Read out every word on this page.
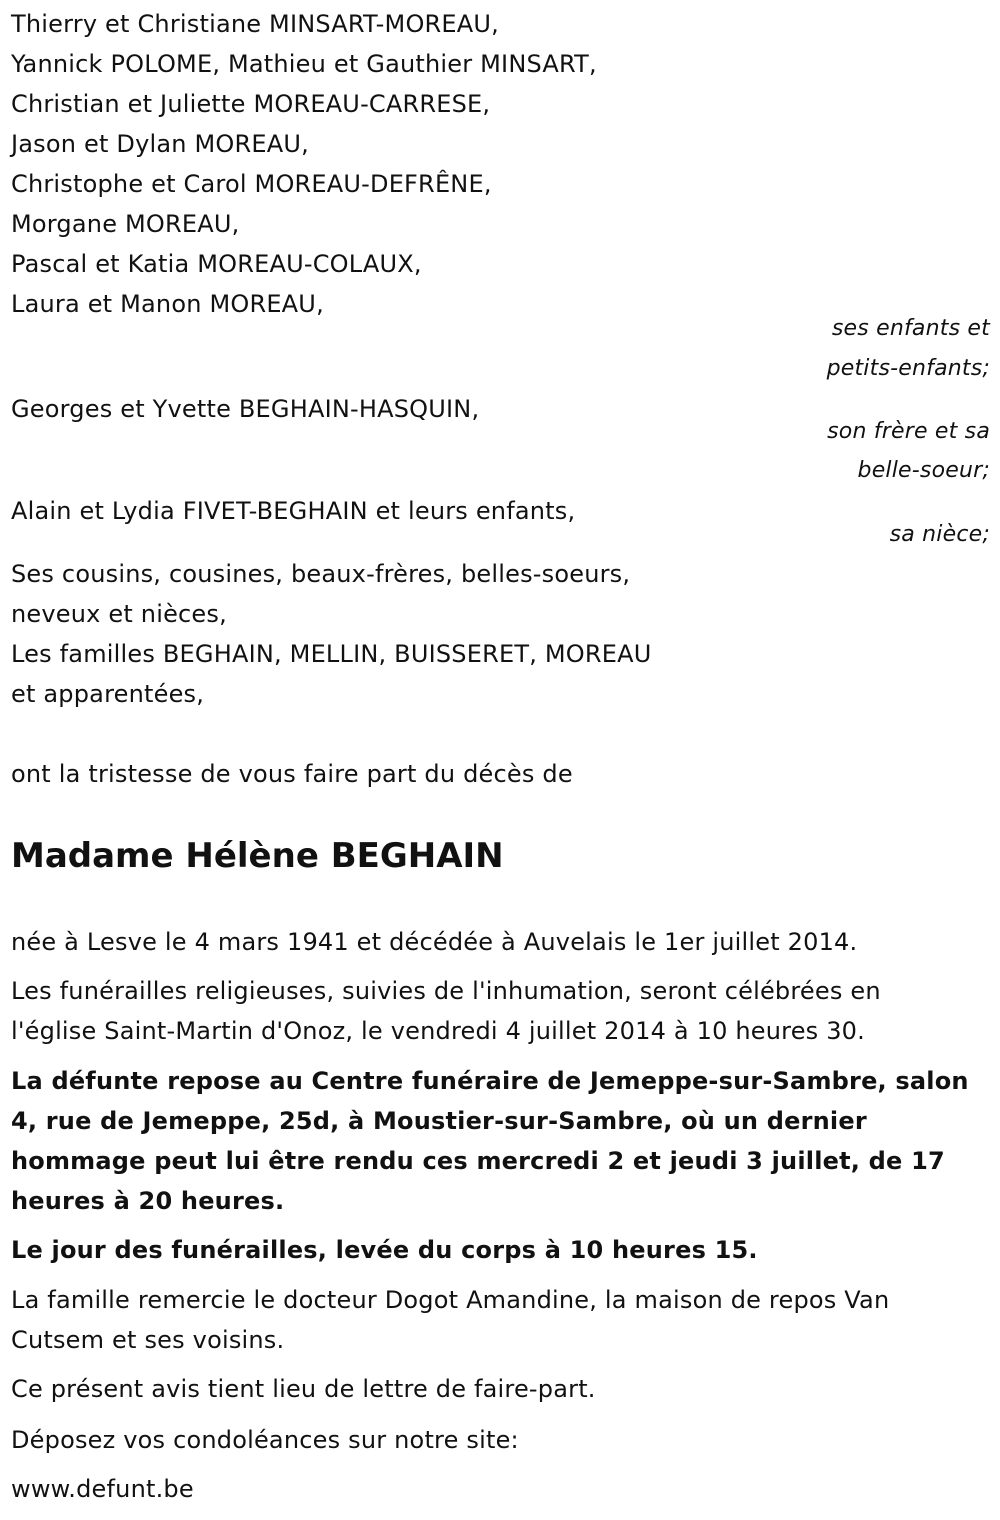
Thierry et Christiane MINSART-MOREAU,
Yannick POLOME, Mathieu et Gauthier MINSART,
Christian et Juliette MOREAU-CARRESE,
Jason et Dylan MOREAU,
Christophe et Carol MOREAU-DEFRÊNE,
Morgane MOREAU,
Pascal et Katia MOREAU-COLAUX,
Laura et Manon MOREAU,
ses enfants et
petits-enfants;
Georges et Yvette BEGHAIN-HASQUIN,
son frère et sa
belle-soeur;
Alain et Lydia FIVET-BEGHAIN et leurs enfants,
sa nièce;
Ses cousins, cousines, beaux-frères, belles-soeurs,
neveux et nièces,
Les familles BEGHAIN, MELLIN, BUISSERET, MOREAU
et apparentées,
ont la tristesse de vous faire part du décès de
Madame Hélène BEGHAIN
née à Lesve le 4 mars 1941 et décédée à Auvelais le 1er juillet 2014.
Les funérailles religieuses, suivies de l'inhumation, seront célébrées en
l'église Saint-Martin d'Onoz, le vendredi 4 juillet 2014 à 10 heures 30.
La défunte repose au Centre funéraire de Jemeppe-sur-Sambre, salon
4, rue de Jemeppe, 25d, à Moustier-sur-Sambre, où un dernier
hommage peut lui être rendu ces mercredi 2 et jeudi 3 juillet, de 17
heures à 20 heures.
Le jour des funérailles, levée du corps à 10 heures 15.
La famille remercie le docteur Dogot Amandine, la maison de repos Van
Cutsem et ses voisins.
Ce présent avis tient lieu de lettre de faire-part.
Déposez vos condoléances sur notre site:
www.defunt.be
